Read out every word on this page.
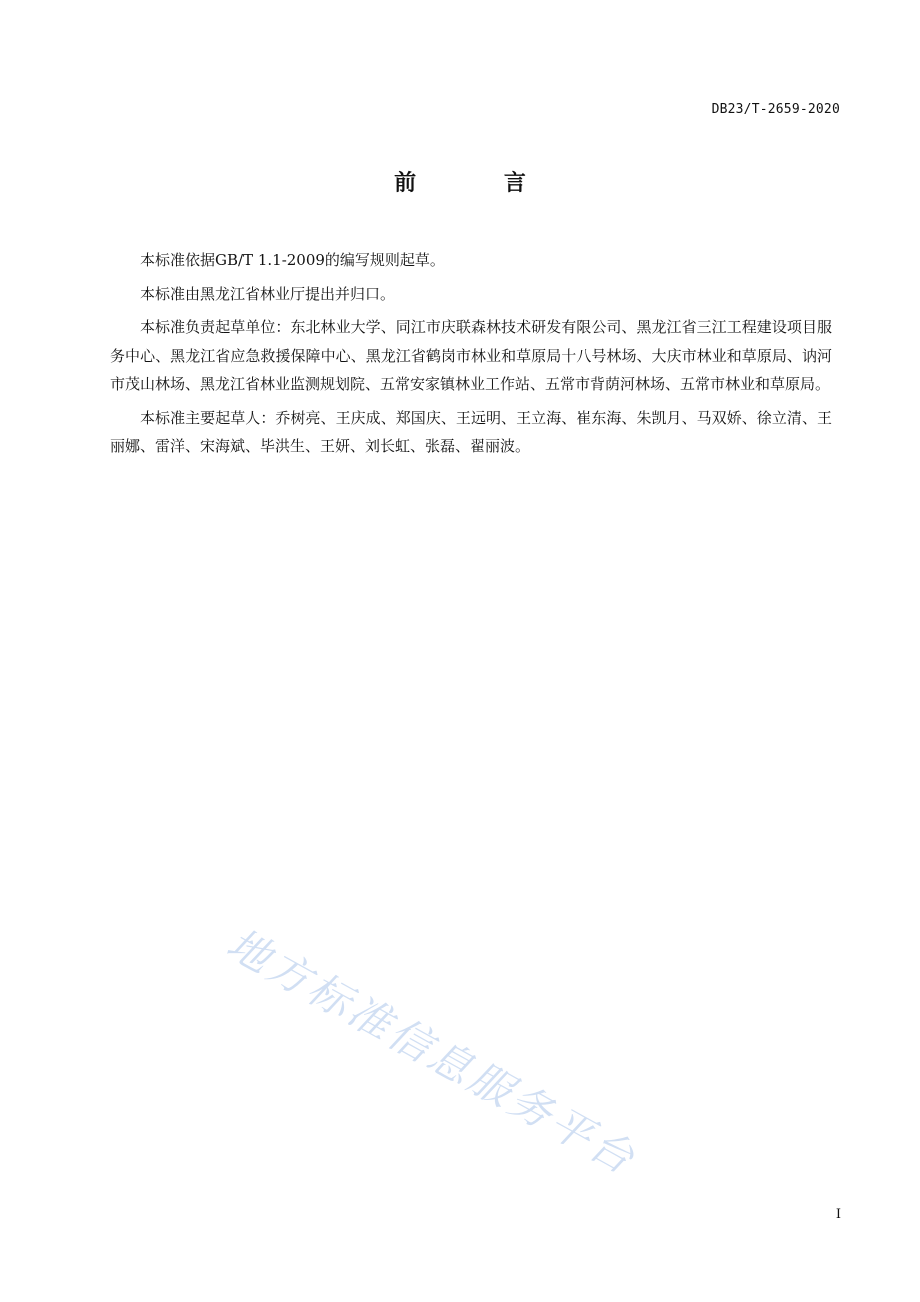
DB23/T-2659-2020
前 言

本标准依据GB/T 1.1-2009的编写规则起草。

本标准由黑龙江省林业厅提出并归口。

本标准负责起草单位：东北林业大学、同江市庆联森林技术研发有限公司、黑龙江省三江工程建设项目服务中心、黑龙江省应急救援保障中心、黑龙江省鹤岗市林业和草原局十八号林场、大庆市林业和草原局、讷河市茂山林场、黑龙江省林业监测规划院、五常安家镇林业工作站、五常市背荫河林场、五常市林业和草原局。

本标准主要起草人：乔树亮、王庆成、郑国庆、王远明、王立海、崔东海、朱凯月、马双娇、徐立清、王丽娜、雷洋、宋海斌、毕洪生、王妍、刘长虹、张磊、翟丽波。

地方标准信息服务平台
I
